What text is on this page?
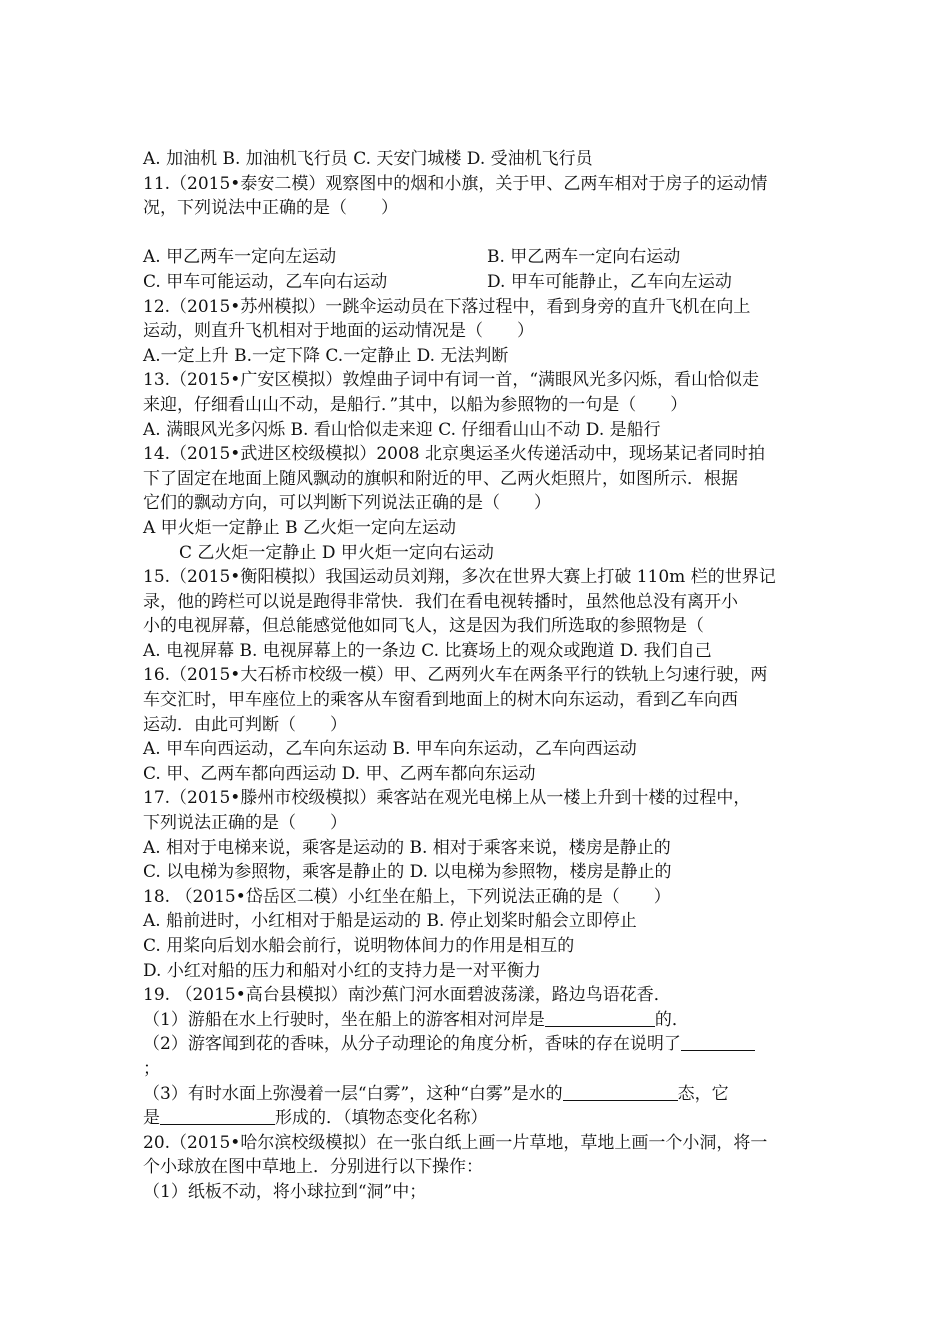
A. 加油机 B. 加油机飞行员 C. 天安门城楼 D. 受油机飞行员
11.（2015•泰安二模）观察图中的烟和小旗，关于甲、乙两车相对于房子的运动情
况，下列说法中正确的是（　　）
A. 甲乙两车一定向左运动	B. 甲乙两车一定向右运动
C. 甲车可能运动，乙车向右运动	D. 甲车可能静止，乙车向左运动
12.（2015•苏州模拟）一跳伞运动员在下落过程中，看到身旁的直升飞机在向上
运动，则直升飞机相对于地面的运动情况是（　　）
A.一定上升 B.一定下降 C.一定静止 D. 无法判断
13.（2015•广安区模拟）敦煌曲子词中有词一首，“满眼风光多闪烁，看山恰似走
来迎，仔细看山山不动，是船行．”其中，以船为参照物的一句是（　　）
A. 满眼风光多闪烁 B. 看山恰似走来迎 C. 仔细看山山不动 D. 是船行
14.（2015•武进区校级模拟）2008 北京奥运圣火传递活动中，现场某记者同时拍
下了固定在地面上随风飘动的旗帜和附近的甲、乙两火炬照片，如图所示．根据
它们的飘动方向，可以判断下列说法正确的是（　　）
A 甲火炬一定静止 B 乙火炬一定向左运动
C 乙火炬一定静止 D 甲火炬一定向右运动
15.（2015•衡阳模拟）我国运动员刘翔，多次在世界大赛上打破 110m 栏的世界记
录，他的跨栏可以说是跑得非常快．我们在看电视转播时，虽然他总没有离开小
小的电视屏幕，但总能感觉他如同飞人，这是因为我们所选取的参照物是（
A. 电视屏幕 B. 电视屏幕上的一条边 C. 比赛场上的观众或跑道 D. 我们自己
16.（2015•大石桥市校级一模）甲、乙两列火车在两条平行的铁轨上匀速行驶，两
车交汇时，甲车座位上的乘客从车窗看到地面上的树木向东运动，看到乙车向西
运动．由此可判断（　　）
A. 甲车向西运动，乙车向东运动 B. 甲车向东运动，乙车向西运动
C. 甲、乙两车都向西运动 D. 甲、乙两车都向东运动
17.（2015•滕州市校级模拟）乘客站在观光电梯上从一楼上升到十楼的过程中，
下列说法正确的是（　　）
A. 相对于电梯来说，乘客是运动的 B. 相对于乘客来说，楼房是静止的
C. 以电梯为参照物，乘客是静止的 D. 以电梯为参照物，楼房是静止的
18. （2015•岱岳区二模）小红坐在船上，下列说法正确的是（　　）
A. 船前进时，小红相对于船是运动的 B. 停止划桨时船会立即停止
C. 用桨向后划水船会前行，说明物体间力的作用是相互的
D. 小红对船的压力和船对小红的支持力是一对平衡力
19. （2015•高台县模拟）南沙蕉门河水面碧波荡漾，路边鸟语花香．
（1）游船在水上行驶时，坐在船上的游客相对河岸是	的．
（2）游客闻到花的香味，从分子动理论的角度分析，香味的存在说明了
；
（3）有时水面上弥漫着一层“白雾”，这种“白雾”是水的	态，它
是	形成的．（填物态变化名称）
20.（2015•哈尔滨校级模拟）在一张白纸上画一片草地，草地上画一个小洞，将一
个小球放在图中草地上．分别进行以下操作：
（1）纸板不动，将小球拉到“洞”中；
